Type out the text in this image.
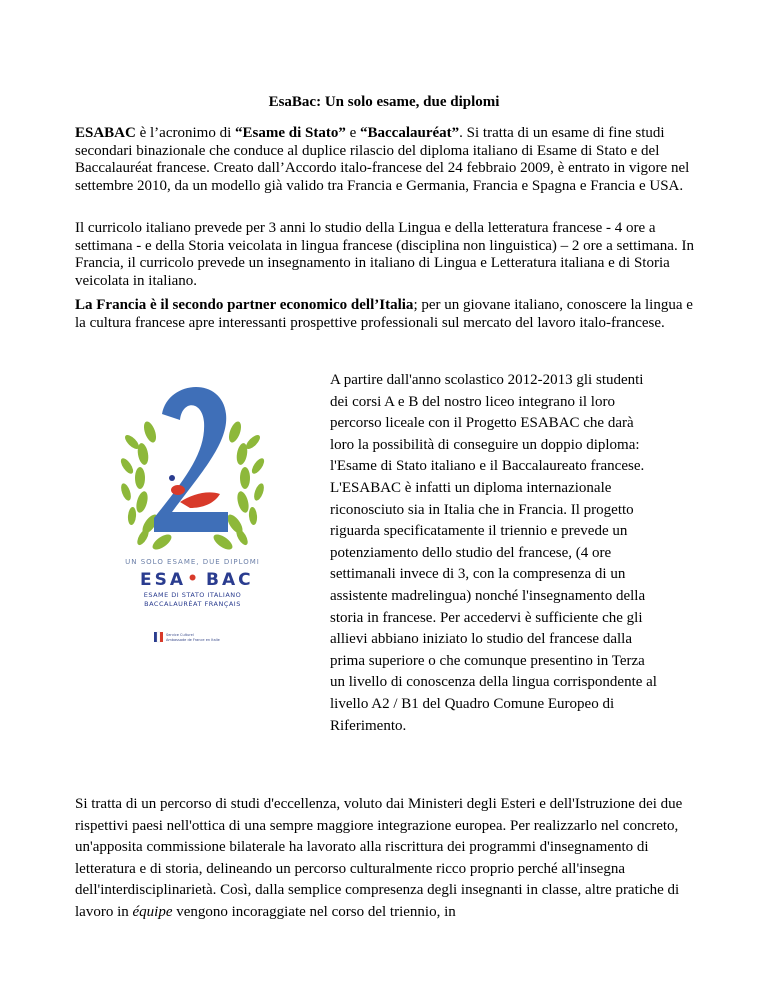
EsaBac: Un solo esame, due diplomi
ESABAC è l’acronimo di “Esame di Stato” e “Baccalauréat”. Si tratta di un esame di fine studi secondari binazionale che conduce al duplice rilascio del diploma italiano di Esame di Stato e del Baccalauréat francese. Creato dall’Accordo italo-francese del 24 febbraio 2009, è entrato in vigore nel settembre 2010, da un modello già valido tra Francia e Germania, Francia e Spagna e Francia e USA.
Il curricolo italiano prevede per 3 anni lo studio della Lingua e della letteratura francese - 4 ore a settimana - e della Storia veicolata in lingua francese (disciplina non linguistica) – 2 ore a settimana. In Francia, il curricolo prevede un insegnamento in italiano di Lingua e Letteratura italiana e di Storia veicolata in italiano.
La Francia è il secondo partner economico dell’Italia; per un giovane italiano, conoscere la lingua e la cultura francese apre interessanti prospettive professionali sul mercato del lavoro italo-francese.
UN SOLO ESAME, DUE DIPLOMI
ESA • BAC
ESAME DI STATO ITALIANO
BACCALAURÉAT FRANÇAIS
Service Culturel
Ambassade de France en Italie
A partire dall'anno scolastico 2012-2013 gli studenti dei corsi A e B del nostro liceo integrano il loro percorso liceale con il Progetto ESABAC che darà loro la possibilità di conseguire un doppio diploma: l'Esame di Stato italiano e il Baccalaureato francese. L'ESABAC è infatti un diploma internazionale riconosciuto sia in Italia che in Francia. Il progetto riguarda specificatamente il triennio e prevede un potenziamento dello studio del francese, (4 ore settimanali invece di 3, con la compresenza di un assistente madrelingua) nonché l'insegnamento della storia in francese. Per accedervi è sufficiente che gli allievi abbiano iniziato lo studio del francese dalla prima superiore o che comunque presentino in Terza un livello di conoscenza della lingua corrispondente al livello A2 / B1 del Quadro Comune Europeo di Riferimento.
Si tratta di un percorso di studi d'eccellenza, voluto dai Ministeri degli Esteri e dell'Istruzione dei due rispettivi paesi nell'ottica di una sempre maggiore integrazione europea. Per realizzarlo nel concreto, un'apposita commissione bilaterale ha lavorato alla riscrittura dei programmi d'insegnamento di letteratura e di storia, delineando un percorso culturalmente ricco proprio perché all'insegna dell'interdisciplinarietà. Così, dalla semplice compresenza degli insegnanti in classe, altre pratiche di lavoro in équipe vengono incoraggiate nel corso del triennio, in
